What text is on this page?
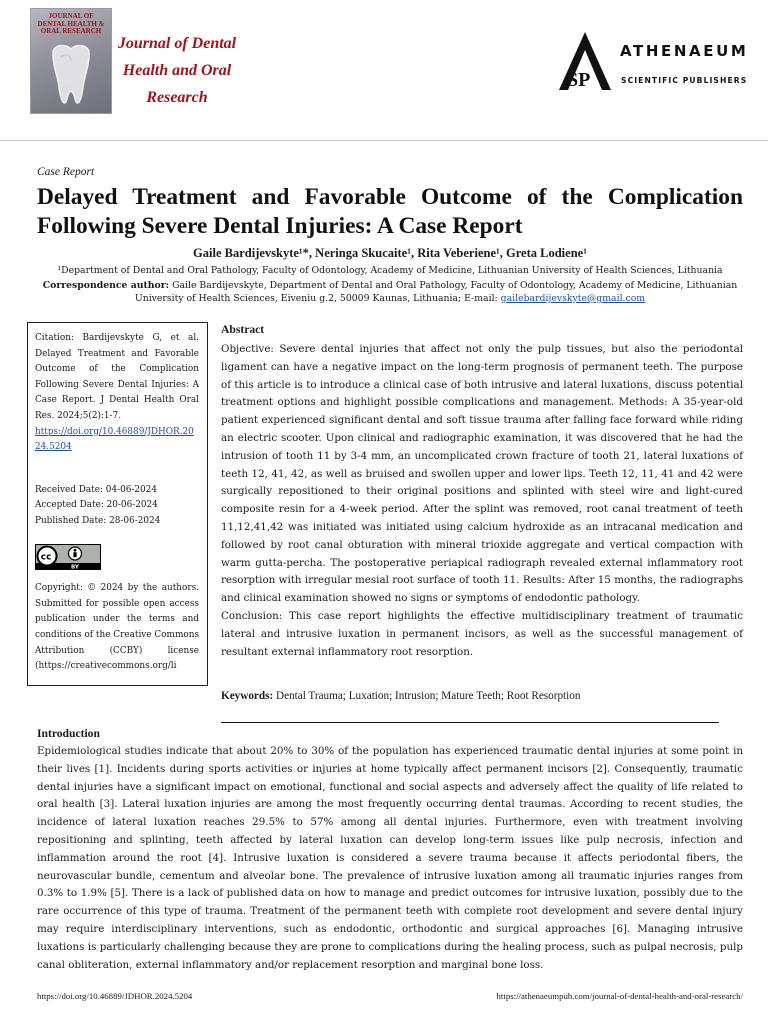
JOURNAL OF DENTAL HEALTH & ORAL RESEARCH
Journal of Dental Health and Oral Research
SP
ATHENAEUM
SCIENTIFIC PUBLISHERS
Case Report
Delayed Treatment and Favorable Outcome of the Complication Following Severe Dental Injuries: A Case Report
Gaile Bardijevskyte¹*, Neringa Skucaite¹, Rita Veberiene¹, Greta Lodiene¹
¹Department of Dental and Oral Pathology, Faculty of Odontology, Academy of Medicine, Lithuanian University of Health Sciences, Lithuania
Correspondence author: Gaile Bardijevskyte, Department of Dental and Oral Pathology, Faculty of Odontology, Academy of Medicine, Lithuanian University of Health Sciences, Eiveniu g.2, 50009 Kaunas, Lithuania; E-mail: gailebardijevskyte@gmail.com

Citation: Bardijevskyte G, et al. Delayed Treatment and Favorable Outcome of the Complication Following Severe Dental Injuries: A Case Report. J Dental Health Oral Res. 2024;5(2):1-7.

https://doi.org/10.46889/JDHOR.2024.5204

Received Date: 04-06-2024

Accepted Date: 20-06-2024

Published Date: 28-06-2024

cc
BY

Copyright: © 2024 by the authors. Submitted for possible open access publication under the terms and conditions of the Creative Commons Attribution (CCBY) license (https://creativecommons.org/li

Abstract

Objective: Severe dental injuries that affect not only the pulp tissues, but also the periodontal ligament can have a negative impact on the long-term prognosis of permanent teeth. The purpose of this article is to introduce a clinical case of both intrusive and lateral luxations, discuss potential treatment options and highlight possible complications and management. Methods: A 35-year-old patient experienced significant dental and soft tissue trauma after falling face forward while riding an electric scooter. Upon clinical and radiographic examination, it was discovered that he had the intrusion of tooth 11 by 3-4 mm, an uncomplicated crown fracture of tooth 21, lateral luxations of teeth 12, 41, 42, as well as bruised and swollen upper and lower lips. Teeth 12, 11, 41 and 42 were surgically repositioned to their original positions and splinted with steel wire and light-cured composite resin for a 4-week period. After the splint was removed, root canal treatment of teeth 11,12,41,42 was initiated was initiated using calcium hydroxide as an intracanal medication and followed by root canal obturation with mineral trioxide aggregate and vertical compaction with warm gutta-percha. The postoperative periapical radiograph revealed external inflammatory root resorption with irregular mesial root surface of tooth 11. Results: After 15 months, the radiographs and clinical examination showed no signs or symptoms of endodontic pathology.

Conclusion: This case report highlights the effective multidisciplinary treatment of traumatic lateral and intrusive luxation in permanent incisors, as well as the successful management of resultant external inflammatory root resorption.

Keywords: Dental Trauma; Luxation; Intrusion; Mature Teeth; Root Resorption
Introduction
Epidemiological studies indicate that about 20% to 30% of the population has experienced traumatic dental injuries at some point in their lives [1]. Incidents during sports activities or injuries at home typically affect permanent incisors [2]. Consequently, traumatic dental injuries have a significant impact on emotional, functional and social aspects and adversely affect the quality of life related to oral health [3]. Lateral luxation injuries are among the most frequently occurring dental traumas. According to recent studies, the incidence of lateral luxation reaches 29.5% to 57% among all dental injuries. Furthermore, even with treatment involving repositioning and splinting, teeth affected by lateral luxation can develop long-term issues like pulp necrosis, infection and inflammation around the root [4]. Intrusive luxation is considered a severe trauma because it affects periodontal fibers, the neurovascular bundle, cementum and alveolar bone. The prevalence of intrusive luxation among all traumatic injuries ranges from 0.3% to 1.9% [5]. There is a lack of published data on how to manage and predict outcomes for intrusive luxation, possibly due to the rare occurrence of this type of trauma. Treatment of the permanent teeth with complete root development and severe dental injury may require interdisciplinary interventions, such as endodontic, orthodontic and surgical approaches [6]. Managing intrusive luxations is particularly challenging because they are prone to complications during the healing process, such as pulpal necrosis, pulp canal obliteration, external inflammatory and/or replacement resorption and marginal bone loss.
https://doi.org/10.46889/JDHOR.2024.5204	https://athenaeumpub.com/journal-of-dental-health-and-oral-research/
